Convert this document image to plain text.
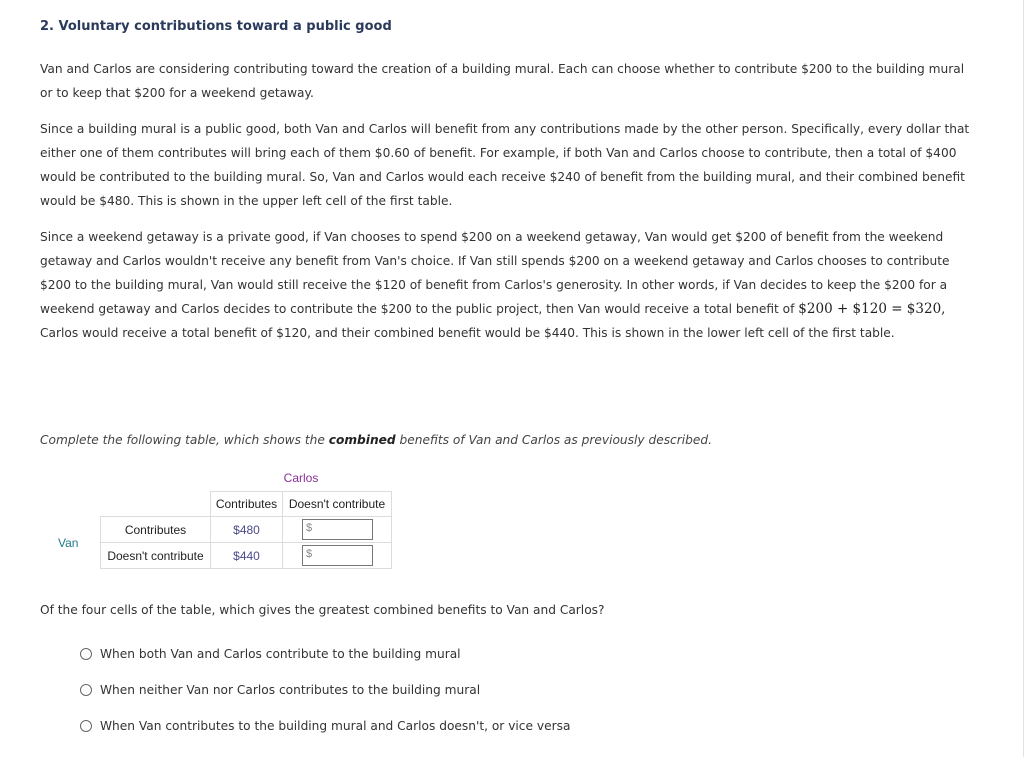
2. Voluntary contributions toward a public good

Van and Carlos are considering contributing toward the creation of a building mural. Each can choose whether to contribute $200 to the building mural or to keep that $200 for a weekend getaway.

Since a building mural is a public good, both Van and Carlos will benefit from any contributions made by the other person. Specifically, every dollar that either one of them contributes will bring each of them $0.60 of benefit. For example, if both Van and Carlos choose to contribute, then a total of $400 would be contributed to the building mural. So, Van and Carlos would each receive $240 of benefit from the building mural, and their combined benefit would be $480. This is shown in the upper left cell of the first table.

Since a weekend getaway is a private good, if Van chooses to spend $200 on a weekend getaway, Van would get $200 of benefit from the weekend getaway and Carlos wouldn't receive any benefit from Van's choice. If Van still spends $200 on a weekend getaway and Carlos chooses to contribute $200 to the building mural, Van would still receive the $120 of benefit from Carlos's generosity. In other words, if Van decides to keep the $200 for a weekend getaway and Carlos decides to contribute the $200 to the public project, then Van would receive a total benefit of $200 + $120 = $320, Carlos would receive a total benefit of $120, and their combined benefit would be $440. This is shown in the lower left cell of the first table.

Complete the following table, which shows the combined benefits of Van and Carlos as previously described.
Carlos
Van
Contributes Doesn't contribute
Contributes	$480
Doesn't contribute	$440
$
$
Of the four cells of the table, which gives the greatest combined benefits to Van and Carlos?
When both Van and Carlos contribute to the building mural
When neither Van nor Carlos contributes to the building mural
When Van contributes to the building mural and Carlos doesn't, or vice versa
